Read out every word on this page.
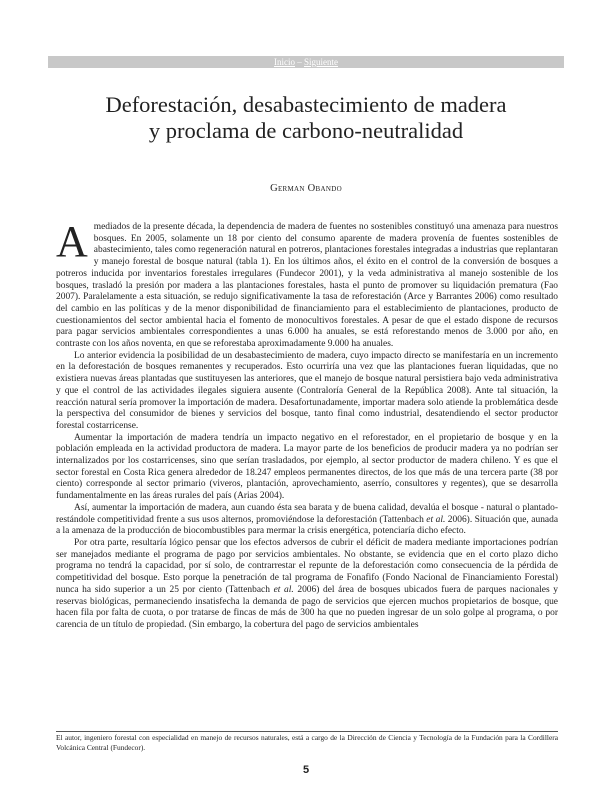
Inicio – Siguiente
Deforestación, desabastecimiento de madera
y proclama de carbono-neutralidad
German Obando

Amediados de la presente década, la dependencia de madera de fuentes no sostenibles constituyó una amenaza para nuestros bosques. En 2005, solamente un 18 por ciento del consumo aparente de madera provenía de fuentes sostenibles de abastecimiento, tales como regeneración natural en potreros, plantaciones forestales integradas a industrias que replantaran y manejo forestal de bosque natural (tabla 1). En los últimos años, el éxito en el control de la conversión de bosques a potreros inducida por inventarios forestales irregulares (Fundecor 2001), y la veda administrativa al manejo sostenible de los bosques, trasladó la presión por madera a las plantaciones forestales, hasta el punto de promover su liquidación prematura (Fao 2007). Paralelamente a esta situación, se redujo significativamente la tasa de reforestación (Arce y Barrantes 2006) como resultado del cambio en las políticas y de la menor disponibilidad de financiamiento para el establecimiento de plantaciones, producto de cuestionamientos del sector ambiental hacia el fomento de monocultivos forestales. A pesar de que el estado dispone de recursos para pagar servicios ambientales correspondientes a unas 6.000 ha anuales, se está reforestando menos de 3.000 por año, en contraste con los años noventa, en que se reforestaba aproximadamente 9.000 ha anuales.

Lo anterior evidencia la posibilidad de un desabastecimiento de madera, cuyo impacto directo se manifestaría en un incremento en la deforestación de bosques remanentes y recuperados. Esto ocurriría una vez que las plantaciones fueran liquidadas, que no existiera nuevas áreas plantadas que sustituyesen las anteriores, que el manejo de bosque natural persistiera bajo veda administrativa y que el control de las actividades ilegales siguiera ausente (Contraloría General de la República 2008). Ante tal situación, la reacción natural sería promover la importación de madera. Desafortunadamente, importar madera solo atiende la problemática desde la perspectiva del consumidor de bienes y servicios del bosque, tanto final como industrial, desatendiendo el sector productor forestal costarricense.

Aumentar la importación de madera tendría un impacto negativo en el reforestador, en el propietario de bosque y en la población empleada en la actividad productora de madera. La mayor parte de los beneficios de producir madera ya no podrían ser internalizados por los costarricenses, sino que serían trasladados, por ejemplo, al sector productor de madera chileno. Y es que el sector forestal en Costa Rica genera alrededor de 18.247 empleos permanentes directos, de los que más de una tercera parte (38 por ciento) corresponde al sector primario (viveros, plantación, aprovechamiento, aserrío, consultores y regentes), que se desarrolla fundamentalmente en las áreas rurales del país (Arias 2004).

Así, aumentar la importación de madera, aun cuando ésta sea barata y de buena calidad, devalúa el bosque - natural o plantado- restándole competitividad frente a sus usos alternos, promoviéndose la deforestación (Tattenbach et al. 2006). Situación que, aunada a la amenaza de la producción de biocombustibles para mermar la crisis energética, potenciaría dicho efecto.

Por otra parte, resultaría lógico pensar que los efectos adversos de cubrir el déficit de madera mediante importaciones podrían ser manejados mediante el programa de pago por servicios ambientales. No obstante, se evidencia que en el corto plazo dicho programa no tendrá la capacidad, por sí solo, de contrarrestar el repunte de la deforestación como consecuencia de la pérdida de competitividad del bosque. Esto porque la penetración de tal programa de Fonafifo (Fondo Nacional de Financiamiento Forestal) nunca ha sido superior a un 25 por ciento (Tattenbach et al. 2006) del área de bosques ubicados fuera de parques nacionales y reservas biológicas, permaneciendo insatisfecha la demanda de pago de servicios que ejercen muchos propietarios de bosque, que hacen fila por falta de cuota, o por tratarse de fincas de más de 300 ha que no pueden ingresar de un solo golpe al programa, o por carencia de un título de propiedad. (Sin embargo, la cobertura del pago de servicios ambientales

El autor, ingeniero forestal con especialidad en manejo de recursos naturales, está a cargo de la Dirección de Ciencia y Tecnología de la Fundación para la Cordillera Volcánica Central (Fundecor).
5
